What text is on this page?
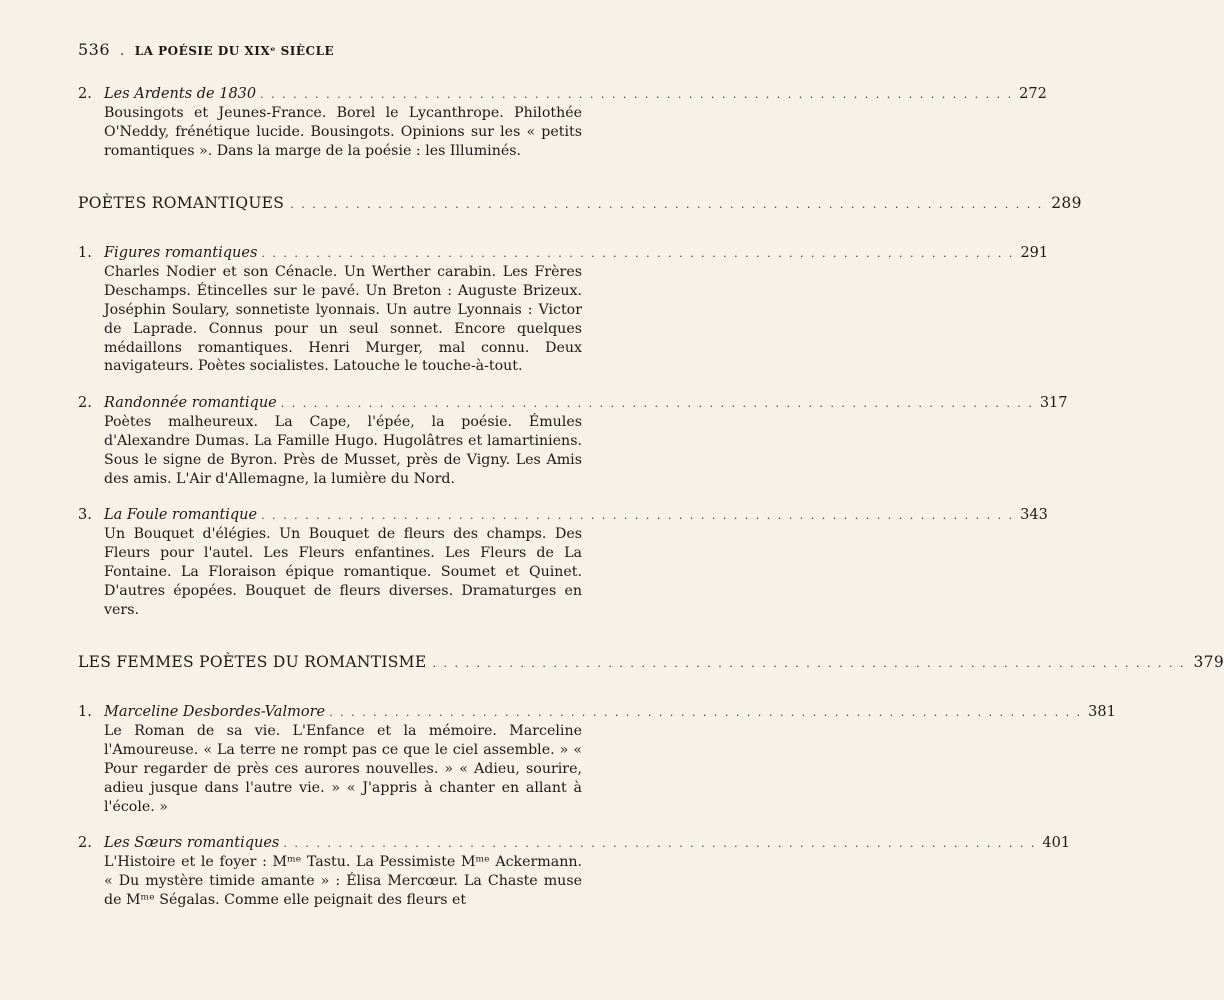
536 . LA POÉSIE DU XIXᵉ SIÈCLE
2. Les Ardents de 1830 . . . . . . . . . . . . . . . . . . . . . . . . . . . . . . . . . . . . . . . . . . . . . . . . . . . . . . . . . . . . . . . . . . . . . 272
Bousingots et Jeunes-France. Borel le Lycanthrope. Philothée O'Neddy, frénétique lucide. Bousingots. Opinions sur les « petits romantiques ». Dans la marge de la poésie : les Illuminés.
POÈTES ROMANTIQUES . . . . . . . . . . . . . . . . . . . . . . . . . . . . . . . . . . . . . . . . . . . . . . . . . . . . . . . . . . . . . . . . . . . . . 289
1. Figures romantiques . . . . . . . . . . . . . . . . . . . . . . . . . . . . . . . . . . . . . . . . . . . . . . . . . . . . . . . . . . . . . . . . . . . . . 291
Charles Nodier et son Cénacle. Un Werther carabin. Les Frères Deschamps. Étincelles sur le pavé. Un Breton : Auguste Brizeux. Joséphin Soulary, sonnetiste lyonnais. Un autre Lyonnais : Victor de Laprade. Connus pour un seul sonnet. Encore quelques médaillons romantiques. Henri Murger, mal connu. Deux navigateurs. Poètes socialistes. Latouche le touche-à-tout.
2. Randonnée romantique . . . . . . . . . . . . . . . . . . . . . . . . . . . . . . . . . . . . . . . . . . . . . . . . . . . . . . . . . . . . . . . . . . . . . 317
Poètes malheureux. La Cape, l'épée, la poésie. Émules d'Alexandre Dumas. La Famille Hugo. Hugolâtres et lamartiniens. Sous le signe de Byron. Près de Musset, près de Vigny. Les Amis des amis. L'Air d'Allemagne, la lumière du Nord.
3. La Foule romantique . . . . . . . . . . . . . . . . . . . . . . . . . . . . . . . . . . . . . . . . . . . . . . . . . . . . . . . . . . . . . . . . . . . . . 343
Un Bouquet d'élégies. Un Bouquet de fleurs des champs. Des Fleurs pour l'autel. Les Fleurs enfantines. Les Fleurs de La Fontaine. La Floraison épique romantique. Soumet et Quinet. D'autres épopées. Bouquet de fleurs diverses. Dramaturges en vers.
LES FEMMES POÈTES DU ROMANTISME . . . . . . . . . . . . . . . . . . . . . . . . . . . . . . . . . . . . . . . . . . . . . . . . . . . . . . . . . . . . . . . . . . . . . 379
1. Marceline Desbordes-Valmore . . . . . . . . . . . . . . . . . . . . . . . . . . . . . . . . . . . . . . . . . . . . . . . . . . . . . . . . . . . . . . . . . . . . . 381
Le Roman de sa vie. L'Enfance et la mémoire. Marceline l'Amoureuse. « La terre ne rompt pas ce que le ciel assemble. » « Pour regarder de près ces aurores nouvelles. » « Adieu, sourire, adieu jusque dans l'autre vie. » « J'appris à chanter en allant à l'école. »
2. Les Sœurs romantiques . . . . . . . . . . . . . . . . . . . . . . . . . . . . . . . . . . . . . . . . . . . . . . . . . . . . . . . . . . . . . . . . . . . . . 401
L'Histoire et le foyer : Mᵐᵉ Tastu. La Pessimiste Mᵐᵉ Ackermann. « Du mystère timide amante » : Élisa Mercœur. La Chaste muse de Mᵐᵉ Ségalas. Comme elle peignait des fleurs et
